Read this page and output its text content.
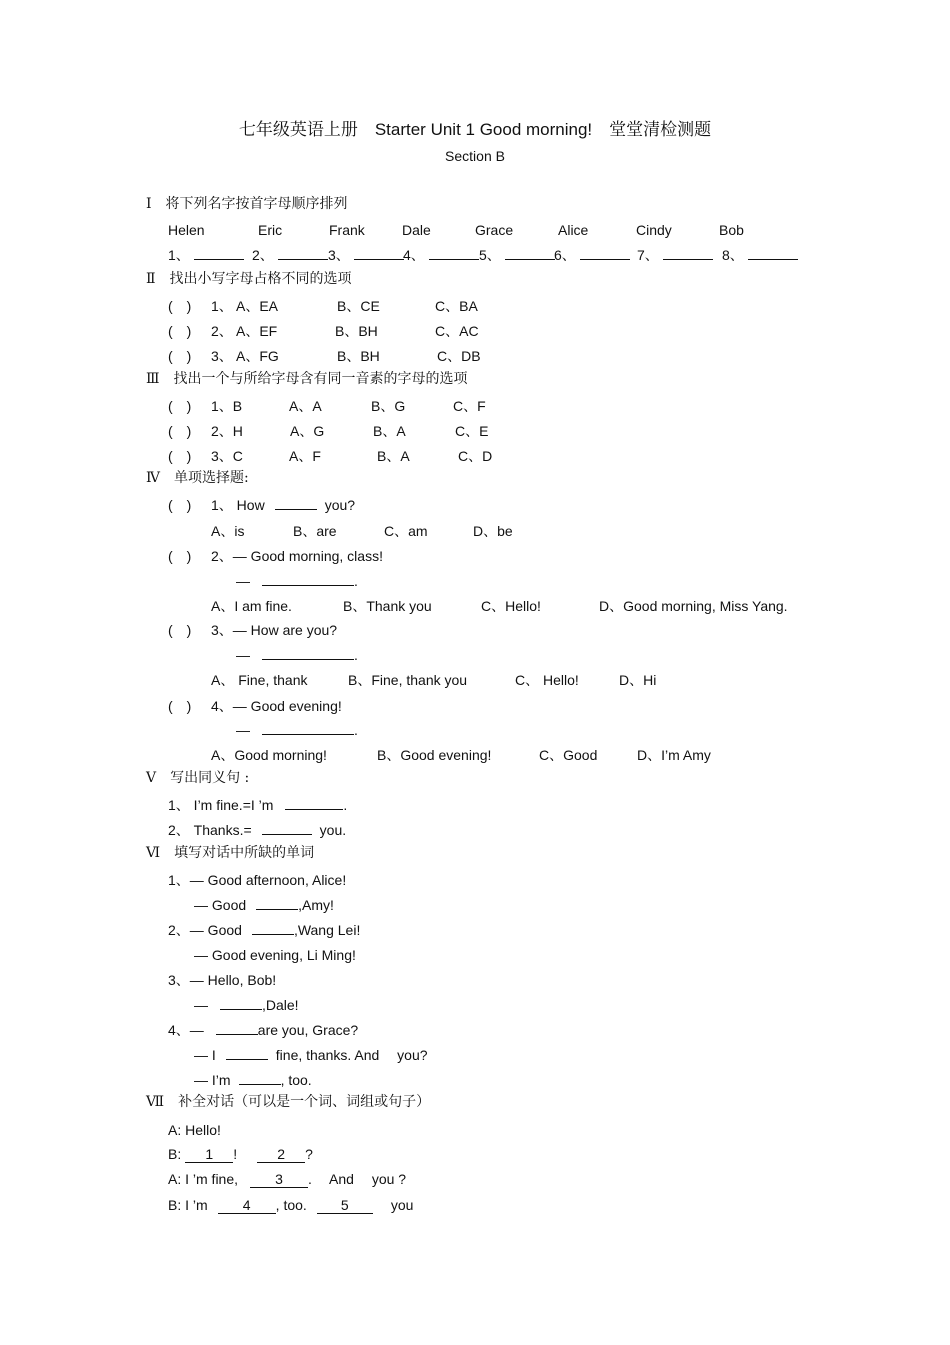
七年级英语上册　Starter Unit 1 Good morning!　堂堂清检测题
Section B
Ⅰ　将下列名字按首字母顺序排列
Helen	Eric	Frank	Dale	Grace	Alice	Cindy	Bob
1、	2、	3、	4、	5、	6、	7、	8、
Ⅱ　找出小写字母占格不同的选项
(　) 1、 A、EA	B、CE	C、BA
(　) 2、 A、EF	B、BH	C、AC
(　) 3、 A、FG	B、BH	C、DB
Ⅲ　找出一个与所给字母含有同一音素的字母的选项
(　) 1、B	A、A	B、G	C、F
(　) 2、H	A、G	B、A	C、E
(　) 3、C	A、F	B、A	C、D
Ⅳ　单项选择题:
(　) 1、 How	you?
A、is	B、are	C、am	D、be
(　) 2、— Good morning, class!
—	.
A、I am fine.	B、Thank you	C、Hello!	D、Good morning, Miss Yang.
(　) 3、— How are you?
—	.
A、 Fine, thank	B、Fine, thank you	C、 Hello!	D、Hi
(　) 4、— Good evening!
—	.
A、Good morning!	B、Good evening!	C、Good	D、I’m Amy
Ⅴ　写出同义句 :
1、 I’m fine.=I ’m	.
2、 Thanks.=	you.
Ⅵ　填写对话中所缺的单词
1、— Good afternoon, Alice!
— Good	,Amy!
2、— Good	,Wang Lei!
— Good evening, Li Ming!
3、— Hello, Bob!
—	,Dale!
4、—	are you, Grace?
— I	fine, thanks. And　 you?
— I’m	, too.
Ⅶ　补全对话（可以是一个词、词组或句子）
A: Hello!
B: 1 !	2 ?
A: I ’m fine,	3 .　 And　 you ?
B: I ’m	4 , too. 5	you
